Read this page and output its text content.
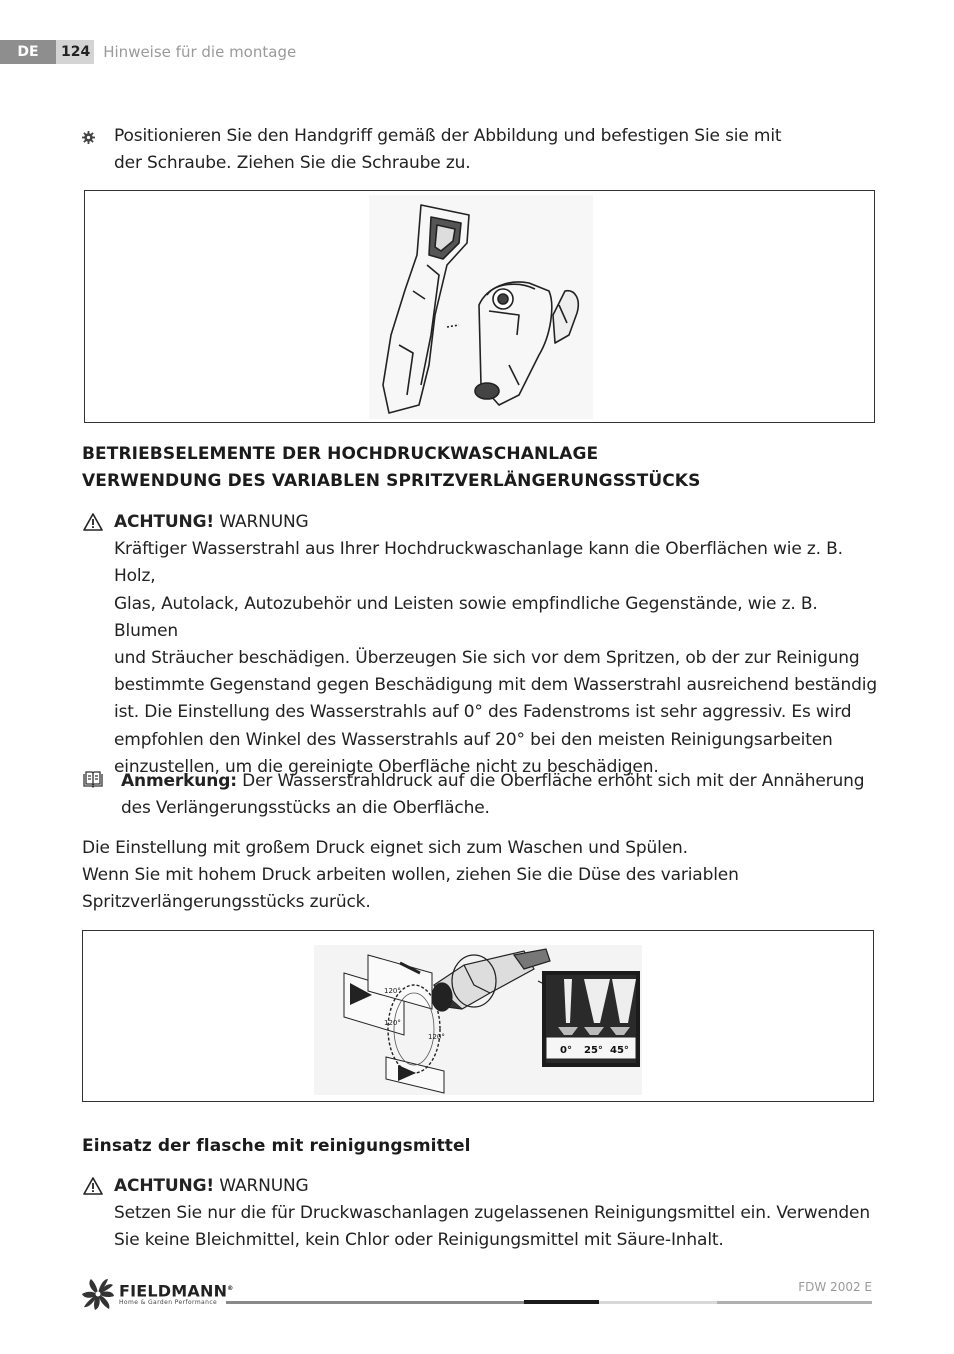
DE	124 Hinweise für die montage

Positionieren Sie den Handgriff gemäß der Abbildung und befestigen Sie sie mit der Schraube. Ziehen Sie die Schraube zu.

BETRIEBSELEMENTE DER HOCHDRUCKWASCHANLAGE
VERWENDUNG DES VARIABLEN SPRITZVERLÄNGERUNGSSTÜCKS

ACHTUNG! WARNUNG

Kräftiger Wasserstrahl aus Ihrer Hochdruckwaschanlage kann die Oberflächen wie z. B. Holz,

Glas, Autolack, Autozubehör und Leisten sowie empfindliche Gegenstände, wie z. B. Blumen

und Sträucher beschädigen. Überzeugen Sie sich vor dem Spritzen, ob der zur Reinigung

bestimmte Gegenstand gegen Beschädigung mit dem Wasserstrahl ausreichend beständig

ist. Die Einstellung des Wasserstrahls auf 0° des Fadenstroms ist sehr aggressiv. Es wird

empfohlen den Winkel des Wasserstrahls auf 20° bei den meisten Reinigungsarbeiten

einzustellen, um die gereinigte Oberfläche nicht zu beschädigen.

Anmerkung: Der Wasserstrahldruck auf die Oberfläche erhöht sich mit der Annäherung

des Verlängerungsstücks an die Oberfläche.

Die Einstellung mit großem Druck eignet sich zum Waschen und Spülen.

Wenn Sie mit hohem Druck arbeiten wollen, ziehen Sie die Düse des variablen

Spritzverlängerungsstücks zurück.

120°
120°
120°
0° 25° 45°
Einsatz der flasche mit reinigungsmittel

ACHTUNG! WARNUNG

Setzen Sie nur die für Druckwaschanlagen zugelassenen Reinigungsmittel ein. Verwenden

Sie keine Bleichmittel, kein Chlor oder Reinigungsmittel mit Säure-Inhalt.

FIELDMANN®
Home & Garden Performance
FDW 2002 E
